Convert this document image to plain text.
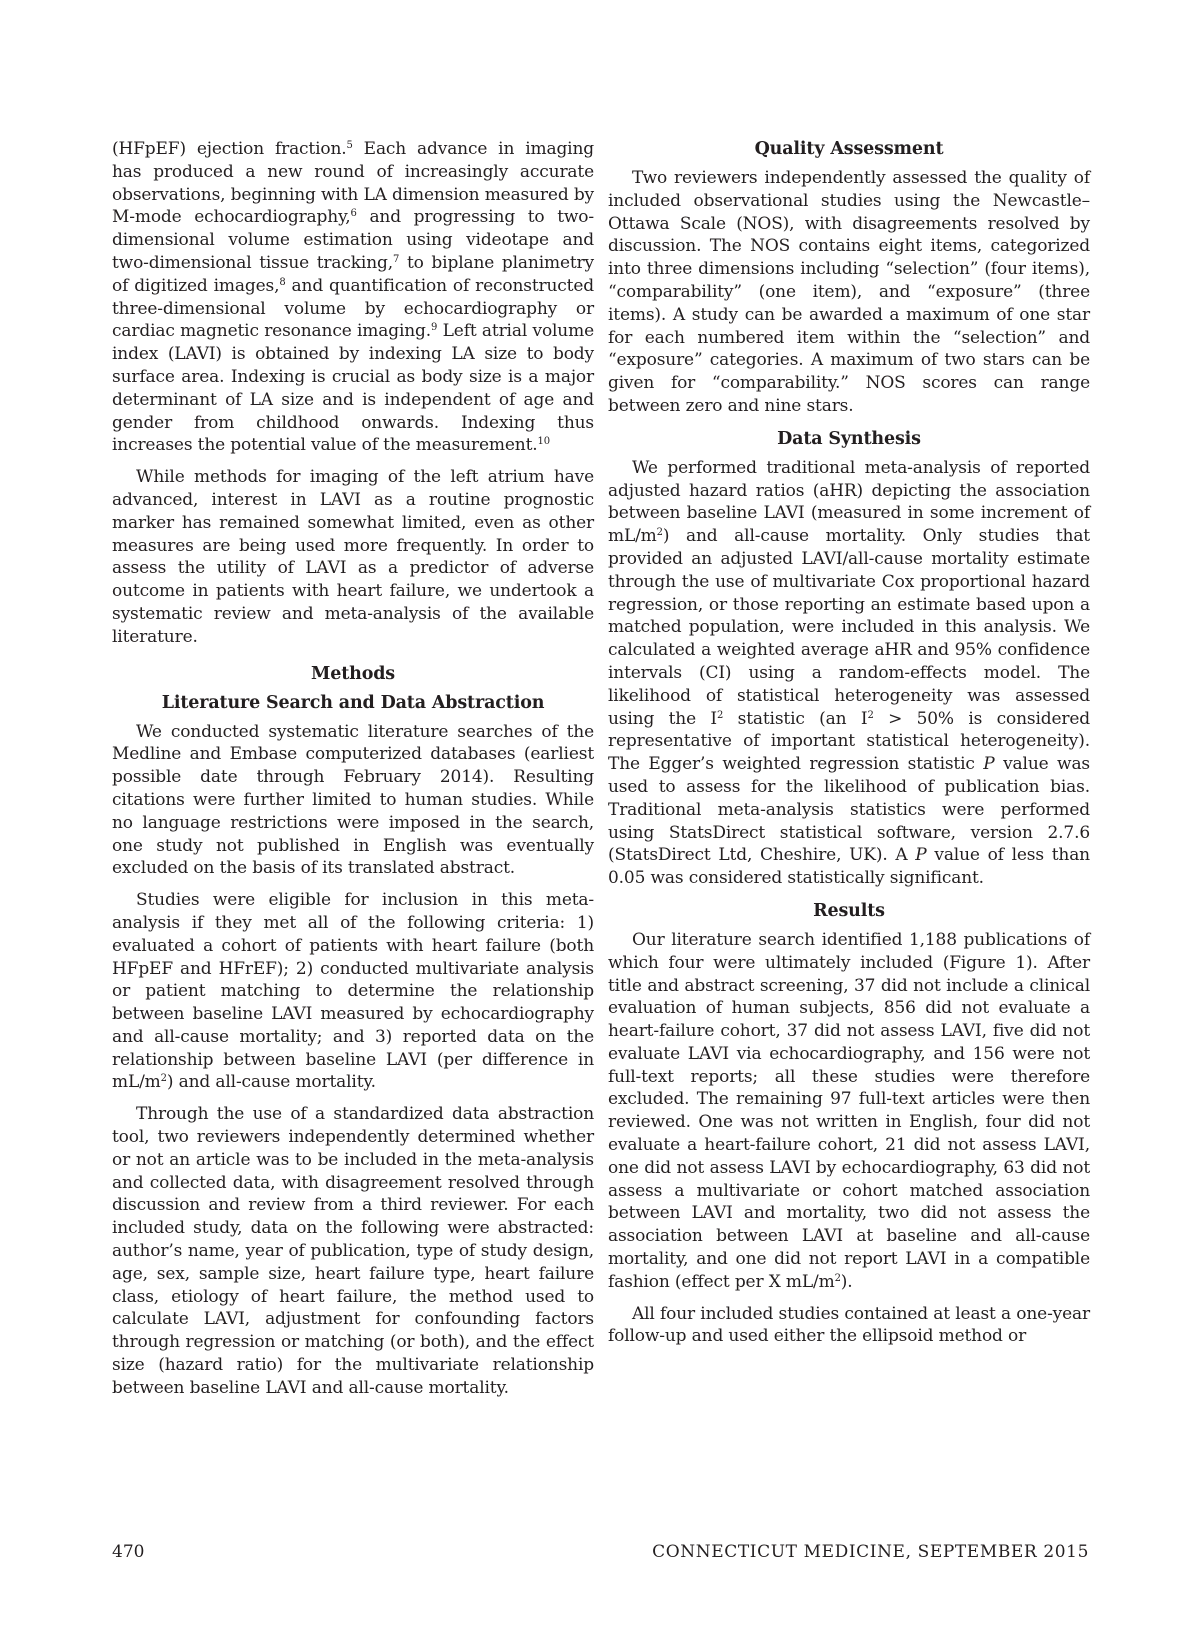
(HFpEF) ejection fraction.$^5$ Each advance in imaging has produced a new round of increasingly accurate observations, beginning with LA dimension measured by M-mode echocardiography,$^6$ and progressing to two-dimensional volume estimation using videotape and two-dimensional tissue tracking,$^7$ to biplane planimetry of digitized images,$^8$ and quantification of reconstructed three-dimensional volume by echocardiography or cardiac magnetic resonance imaging.$^9$ Left atrial volume index (LAVI) is obtained by indexing LA size to body surface area. Indexing is crucial as body size is a major determinant of LA size and is independent of age and gender from childhood onwards. Indexing thus increases the potential value of the measurement.$^{10}$

While methods for imaging of the left atrium have advanced, interest in LAVI as a routine prognostic marker has remained somewhat limited, even as other measures are being used more frequently. In order to assess the utility of LAVI as a predictor of adverse outcome in patients with heart failure, we undertook a systematic review and meta-analysis of the available literature.

Methods
Literature Search and Data Abstraction

We conducted systematic literature searches of the Medline and Embase computerized databases (earliest possible date through February 2014). Resulting citations were further limited to human studies. While no language restrictions were imposed in the search, one study not published in English was eventually excluded on the basis of its translated abstract.

Studies were eligible for inclusion in this meta-analysis if they met all of the following criteria: 1) evaluated a cohort of patients with heart failure (both HFpEF and HFrEF); 2) conducted multivariate analysis or patient matching to determine the relationship between baseline LAVI measured by echocardiography and all-cause mortality; and 3) reported data on the relationship between baseline LAVI (per difference in $mL/m^2$) and all-cause mortality.

Through the use of a standardized data abstraction tool, two reviewers independently determined whether or not an article was to be included in the meta-analysis and collected data, with disagreement resolved through discussion and review from a third reviewer. For each included study, data on the following were abstracted: author’s name, year of publication, type of study design, age, sex, sample size, heart failure type, heart failure class, etiology of heart failure, the method used to calculate LAVI, adjustment for confounding factors through regression or matching (or both), and the effect size (hazard ratio) for the multivariate relationship between baseline LAVI and all-cause mortality.

Quality Assessment

Two reviewers independently assessed the quality of included observational studies using the Newcastle–Ottawa Scale (NOS), with disagreements resolved by discussion. The NOS contains eight items, categorized into three dimensions including “selection” (four items), “comparability” (one item), and “exposure” (three items). A study can be awarded a maximum of one star for each numbered item within the “selection” and “exposure” categories. A maximum of two stars can be given for “comparability.” NOS scores can range between zero and nine stars.

Data Synthesis

We performed traditional meta-analysis of reported adjusted hazard ratios (aHR) depicting the association between baseline LAVI (measured in some increment of $mL/m^2$) and all-cause mortality. Only studies that provided an adjusted LAVI/all-cause mortality estimate through the use of multivariate Cox proportional hazard regression, or those reporting an estimate based upon a matched population, were included in this analysis. We calculated a weighted average aHR and 95% confidence intervals (CI) using a random-effects model. The likelihood of statistical heterogeneity was assessed using the $I^2$ statistic (an $I^2 > 50\%$ is considered representative of important statistical heterogeneity). The Egger’s weighted regression statistic P value was used to assess for the likelihood of publication bias. Traditional meta-analysis statistics were performed using StatsDirect statistical software, version 2.7.6 (StatsDirect Ltd, Cheshire, UK). A P value of less than 0.05 was considered statistically significant.

Results

Our literature search identified 1,188 publications of which four were ultimately included (Figure 1). After title and abstract screening, 37 did not include a clinical evaluation of human subjects, 856 did not evaluate a heart-failure cohort, 37 did not assess LAVI, five did not evaluate LAVI via echocardiography, and 156 were not full-text reports; all these studies were therefore excluded. The remaining 97 full-text articles were then reviewed. One was not written in English, four did not evaluate a heart-failure cohort, 21 did not assess LAVI, one did not assess LAVI by echocardiography, 63 did not assess a multivariate or cohort matched association between LAVI and mortality, two did not assess the association between LAVI at baseline and all-cause mortality, and one did not report LAVI in a compatible fashion (effect per X $mL/m^2$).

All four included studies contained at least a one-year follow-up and used either the ellipsoid method or

470	CONNECTICUT MEDICINE, SEPTEMBER 2015
